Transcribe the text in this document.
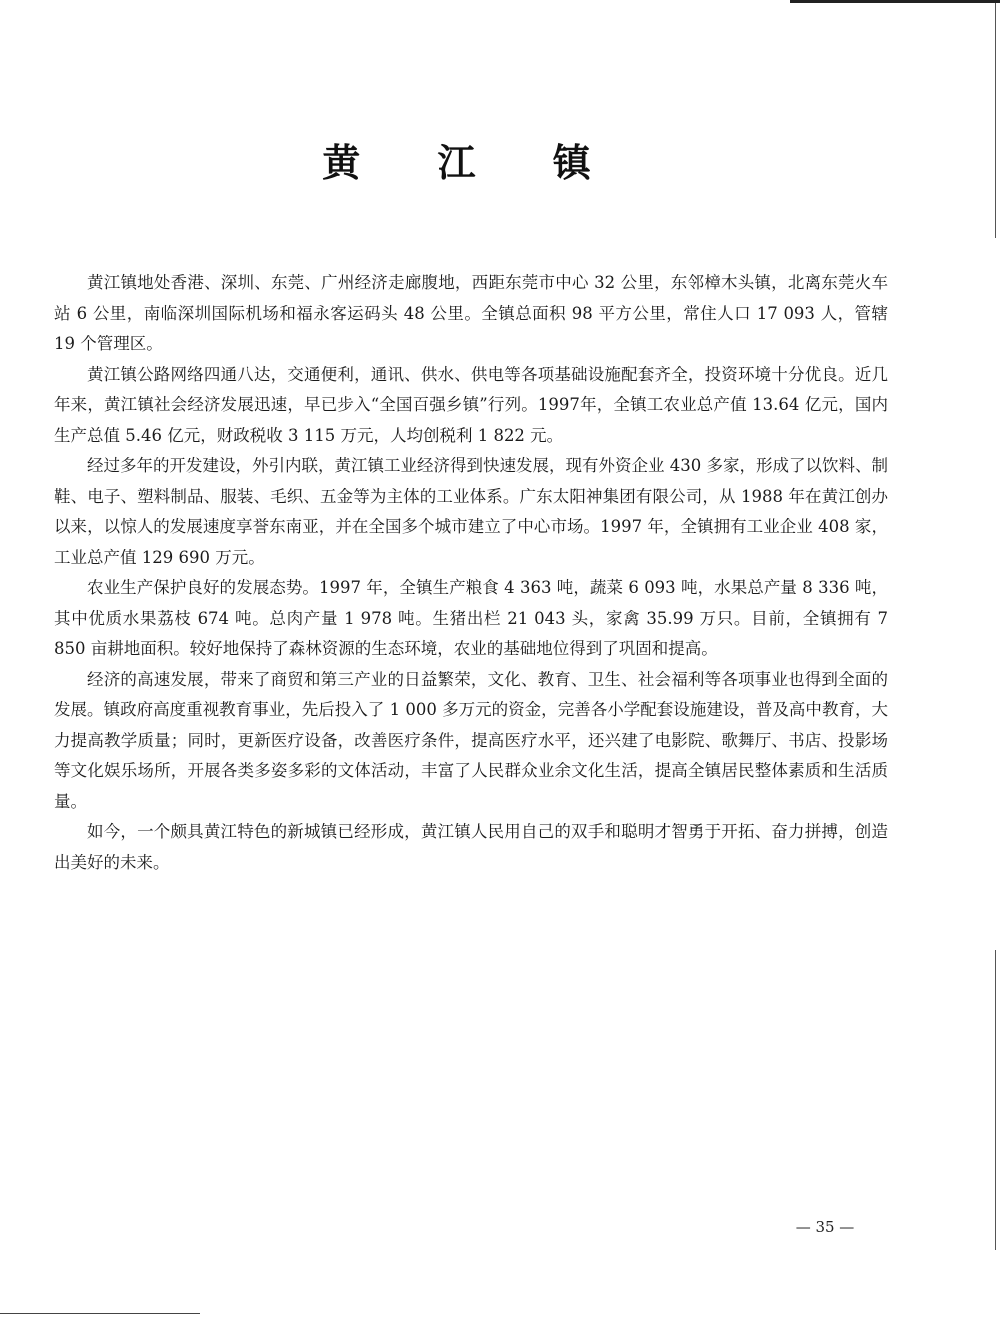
黄 江 镇

黄江镇地处香港、深圳、东莞、广州经济走廊腹地，西距东莞市中心 32 公里，东邻樟木头镇，北离东莞火车站 6 公里，南临深圳国际机场和福永客运码头 48 公里。全镇总面积 98 平方公里，常住人口 17 093 人，管辖 19 个管理区。

黄江镇公路网络四通八达，交通便利，通讯、供水、供电等各项基础设施配套齐全，投资环境十分优良。近几年来，黄江镇社会经济发展迅速，早已步入“全国百强乡镇”行列。1997年，全镇工农业总产值 13.64 亿元，国内生产总值 5.46 亿元，财政税收 3 115 万元，人均创税利 1 822 元。

经过多年的开发建设，外引内联，黄江镇工业经济得到快速发展，现有外资企业 430 多家，形成了以饮料、制鞋、电子、塑料制品、服装、毛织、五金等为主体的工业体系。广东太阳神集团有限公司，从 1988 年在黄江创办以来，以惊人的发展速度享誉东南亚，并在全国多个城市建立了中心市场。1997 年，全镇拥有工业企业 408 家，工业总产值 129 690 万元。

农业生产保护良好的发展态势。1997 年，全镇生产粮食 4 363 吨，蔬菜 6 093 吨，水果总产量 8 336 吨，其中优质水果荔枝 674 吨。总肉产量 1 978 吨。生猪出栏 21 043 头，家禽 35.99 万只。目前，全镇拥有 7 850 亩耕地面积。较好地保持了森林资源的生态环境，农业的基础地位得到了巩固和提高。

经济的高速发展，带来了商贸和第三产业的日益繁荣，文化、教育、卫生、社会福利等各项事业也得到全面的发展。镇政府高度重视教育事业，先后投入了 1 000 多万元的资金，完善各小学配套设施建设，普及高中教育，大力提高教学质量；同时，更新医疗设备，改善医疗条件，提高医疗水平，还兴建了电影院、歌舞厅、书店、投影场等文化娱乐场所，开展各类多姿多彩的文体活动，丰富了人民群众业余文化生活，提高全镇居民整体素质和生活质量。

如今，一个颇具黄江特色的新城镇已经形成，黄江镇人民用自己的双手和聪明才智勇于开拓、奋力拼搏，创造出美好的未来。

— 35 —
